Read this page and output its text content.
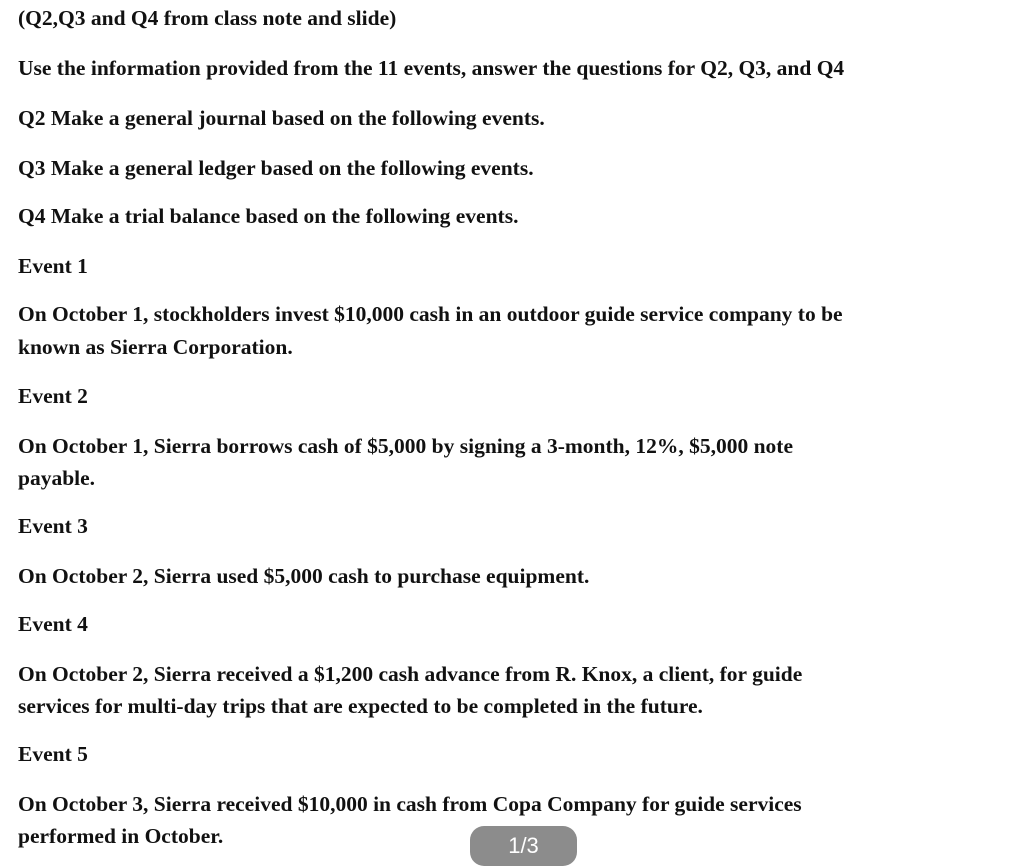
(Q2,Q3 and Q4 from class note and slide)

Use the information provided from the 11 events, answer the questions for Q2, Q3, and Q4

Q2 Make a general journal based on the following events.

Q3 Make a general ledger based on the following events.

Q4 Make a trial balance based on the following events.

Event 1

On October 1, stockholders invest $10,000 cash in an outdoor guide service company to be

known as Sierra Corporation.

Event 2

On October 1, Sierra borrows cash of $5,000 by signing a 3-month, 12%, $5,000 note

payable.

Event 3

On October 2, Sierra used $5,000 cash to purchase equipment.

Event 4

On October 2, Sierra received a $1,200 cash advance from R. Knox, a client, for guide

services for multi-day trips that are expected to be completed in the future.

Event 5

On October 3, Sierra received $10,000 in cash from Copa Company for guide services

performed in October.	1/3
